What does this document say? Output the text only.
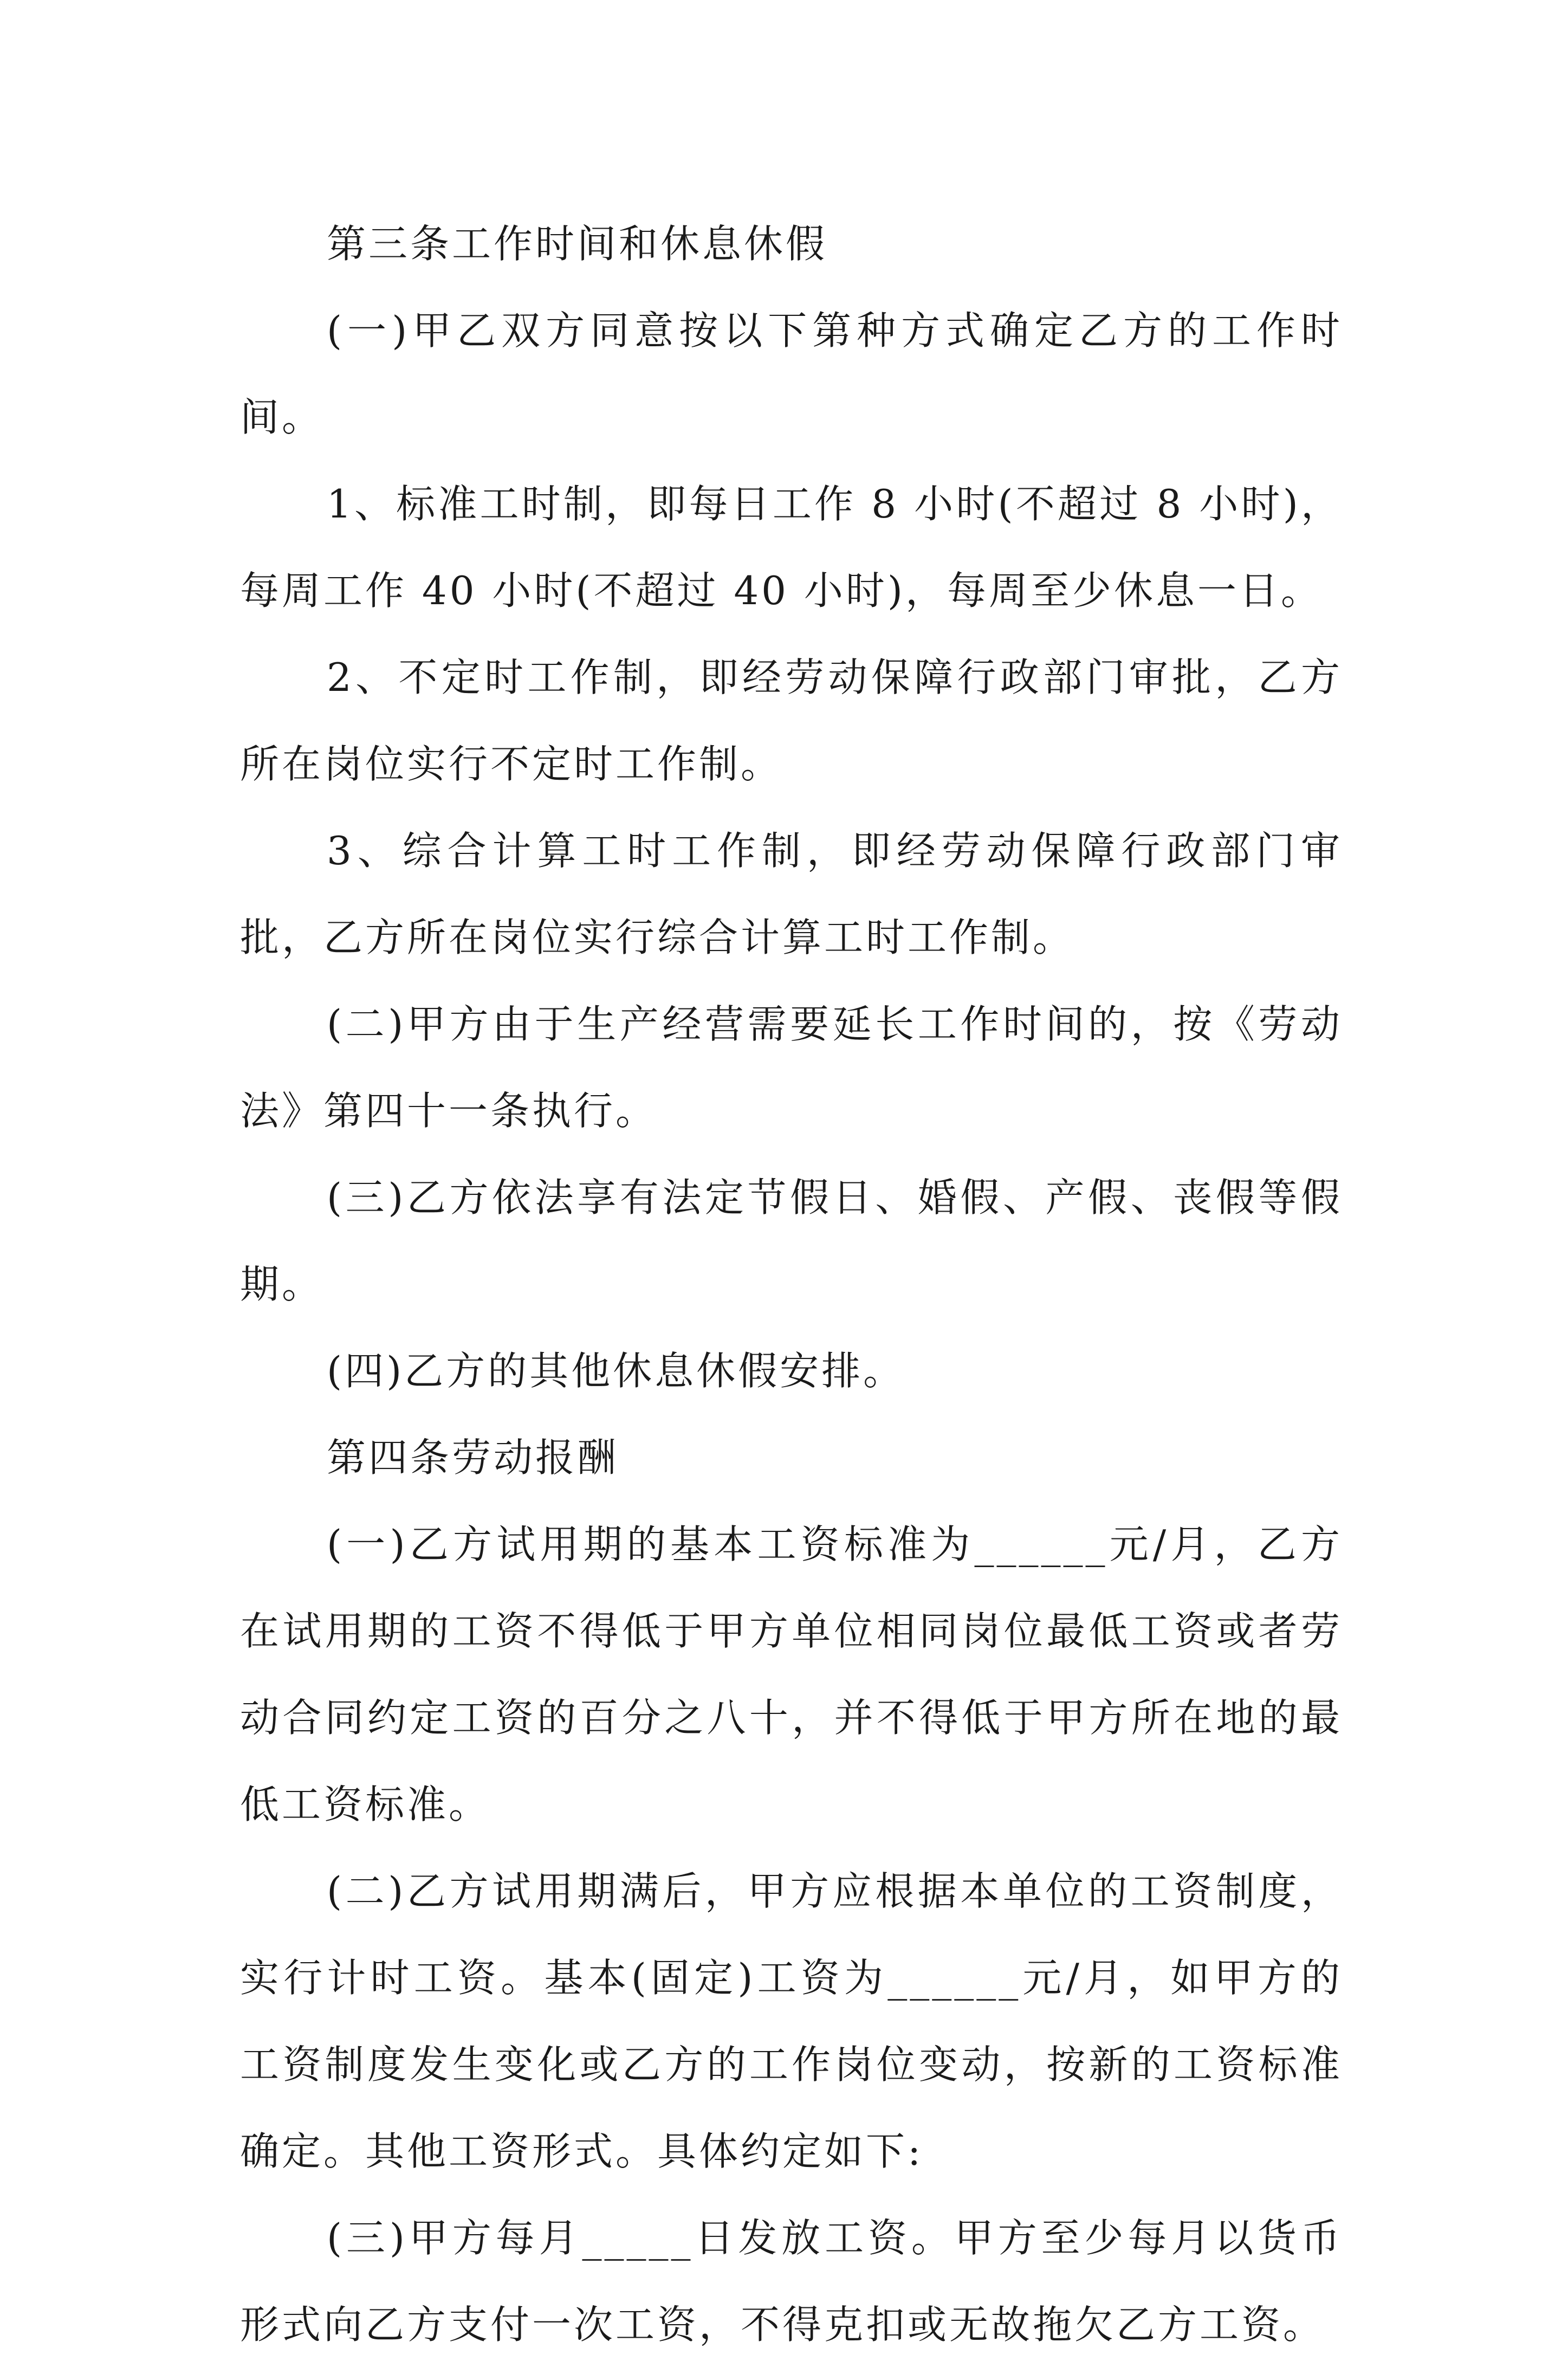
第三条工作时间和休息休假

(一)甲乙双方同意按以下第种方式确定乙方的工作时间。

1、标准工时制，即每日工作 8 小时(不超过 8 小时)，每周工作 40 小时(不超过 40 小时)，每周至少休息一日。

2、不定时工作制，即经劳动保障行政部门审批，乙方所在岗位实行不定时工作制。

3、综合计算工时工作制，即经劳动保障行政部门审批，乙方所在岗位实行综合计算工时工作制。

(二)甲方由于生产经营需要延长工作时间的，按《劳动法》第四十一条执行。

(三)乙方依法享有法定节假日、婚假、产假、丧假等假期。

(四)乙方的其他休息休假安排。

第四条劳动报酬

(一)乙方试用期的基本工资标准为______元/月，乙方在试用期的工资不得低于甲方单位相同岗位最低工资或者劳动合同约定工资的百分之八十，并不得低于甲方所在地的最低工资标准。

(二)乙方试用期满后，甲方应根据本单位的工资制度，实行计时工资。基本(固定)工资为______元/月，如甲方的工资制度发生变化或乙方的工作岗位变动，按新的工资标准确定。其他工资形式。具体约定如下:

(三)甲方每月_____日发放工资。甲方至少每月以货币形式向乙方支付一次工资，不得克扣或无故拖欠乙方工资。
